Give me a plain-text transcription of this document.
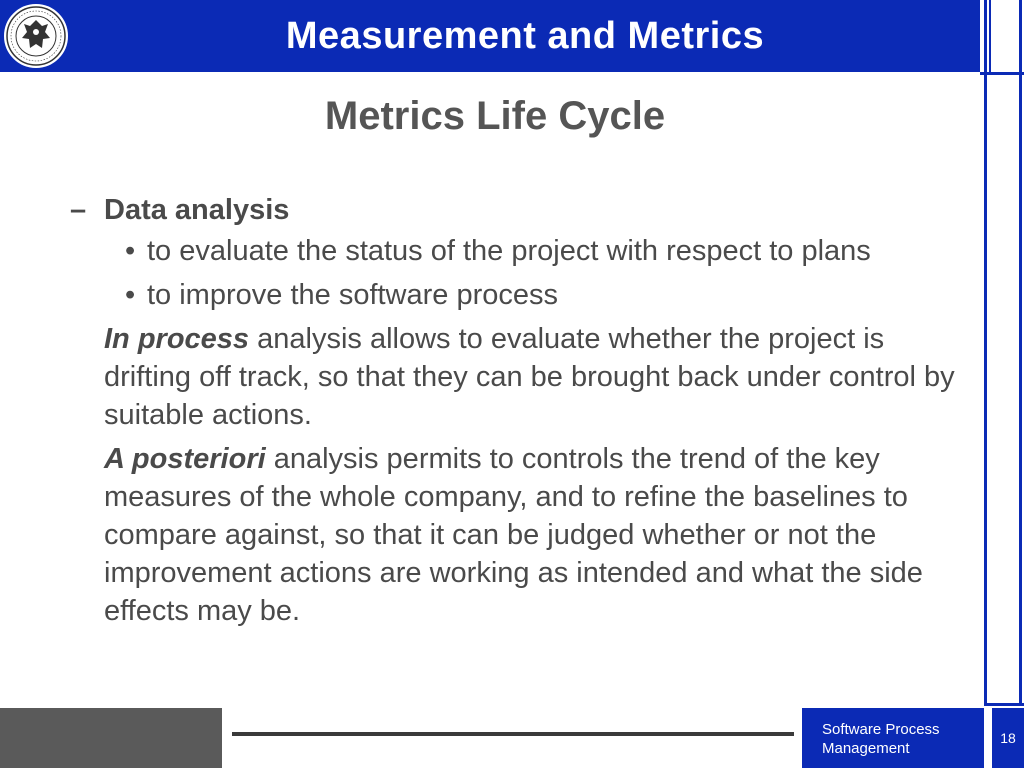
Measurement and Metrics
Metrics Life Cycle
– Data analysis
• to evaluate the status of the project with respect to plans
• to improve the software process
In process analysis allows to evaluate whether the project is drifting off track, so that they can be brought back under control by suitable actions.
A posteriori analysis permits to controls the trend of the key measures of the whole company, and to refine the baselines to compare against, so that it can be judged whether or not the improvement actions are working as intended and what the side effects may be.
Software Process
Management
18
